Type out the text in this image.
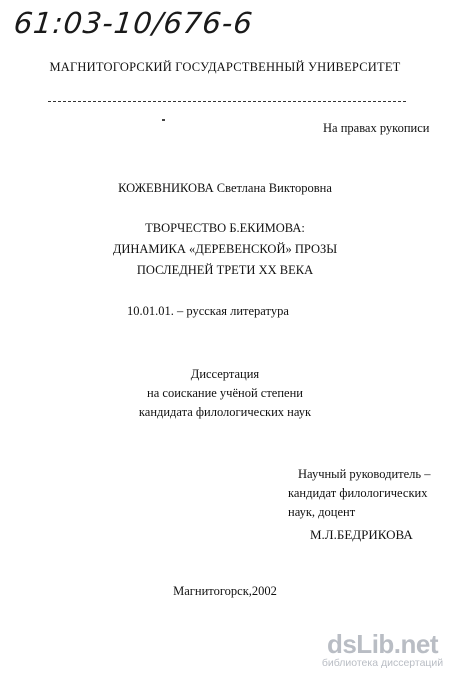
61:03-10/676-6
МАГНИТОГОРСКИЙ ГОСУДАРСТВЕННЫЙ УНИВЕРСИТЕТ
На правах рукописи
КОЖЕВНИКОВА Светлана Викторовна
ТВОРЧЕСТВО Б.ЕКИМОВА:
ДИНАМИКА «ДЕРЕВЕНСКОЙ» ПРОЗЫ
ПОСЛЕДНЕЙ ТРЕТИ ХХ ВЕКА
10.01.01. – русская литература
Диссертация
на соискание учёной степени
кандидата филологических наук
Научный руководитель –
кандидат филологических
наук, доцент
М.Л.БЕДРИКОВА
Магнитогорск,2002
dsLib.net
библиотека диссертаций
